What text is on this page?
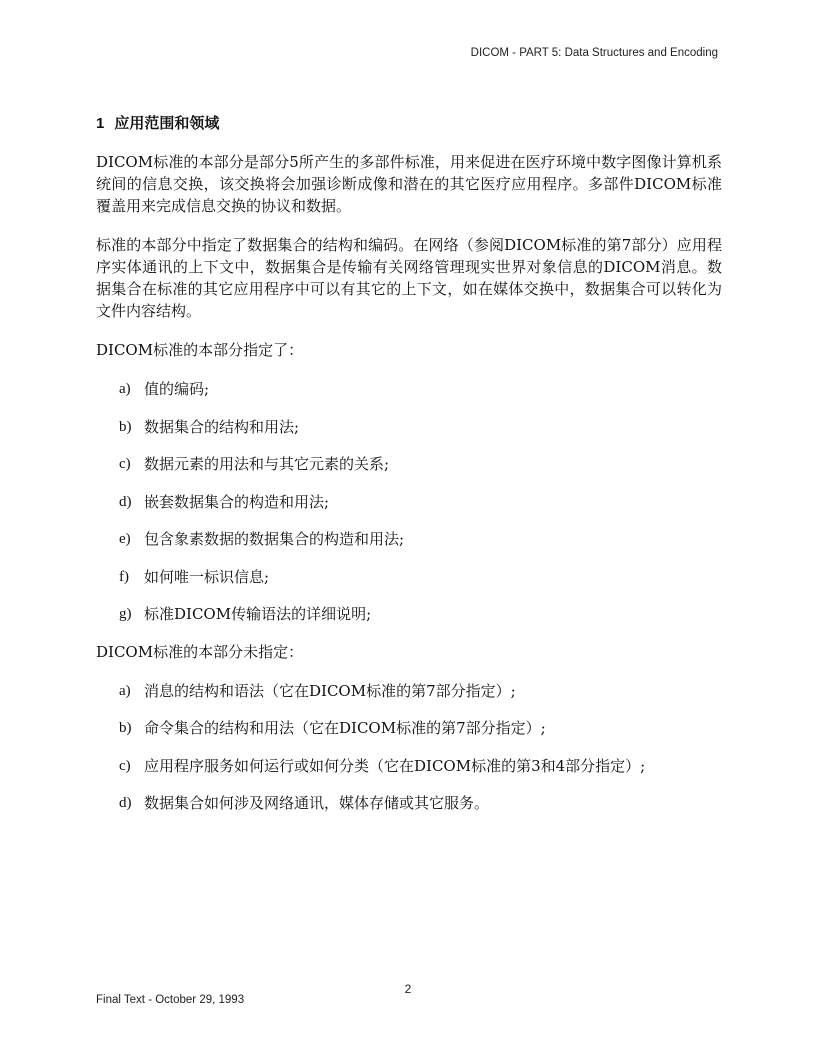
DICOM - PART 5: Data Structures and Encoding
1 应用范围和领域

DICOM标准的本部分是部分5所产生的多部件标准，用来促进在医疗环境中数字图像计算机系统间的信息交换，该交换将会加强诊断成像和潜在的其它医疗应用程序。多部件DICOM标准覆盖用来完成信息交换的协议和数据。

标准的本部分中指定了数据集合的结构和编码。在网络（参阅DICOM标准的第7部分）应用程序实体通讯的上下文中，数据集合是传输有关网络管理现实世界对象信息的DICOM消息。数据集合在标准的其它应用程序中可以有其它的上下文，如在媒体交换中，数据集合可以转化为文件内容结构。

DICOM标准的本部分指定了：

a) 值的编码;
b) 数据集合的结构和用法;
c) 数据元素的用法和与其它元素的关系;
d) 嵌套数据集合的构造和用法;
e) 包含象素数据的数据集合的构造和用法;
f)	如何唯一标识信息;
g) 标准DICOM传输语法的详细说明;

DICOM标准的本部分未指定：

a) 消息的结构和语法（它在DICOM标准的第7部分指定）;
b) 命令集合的结构和用法（它在DICOM标准的第7部分指定）;
c) 应用程序服务如何运行或如何分类（它在DICOM标准的第3和4部分指定）;
d) 数据集合如何涉及网络通讯，媒体存储或其它服务。
2
Final Text - October 29, 1993
